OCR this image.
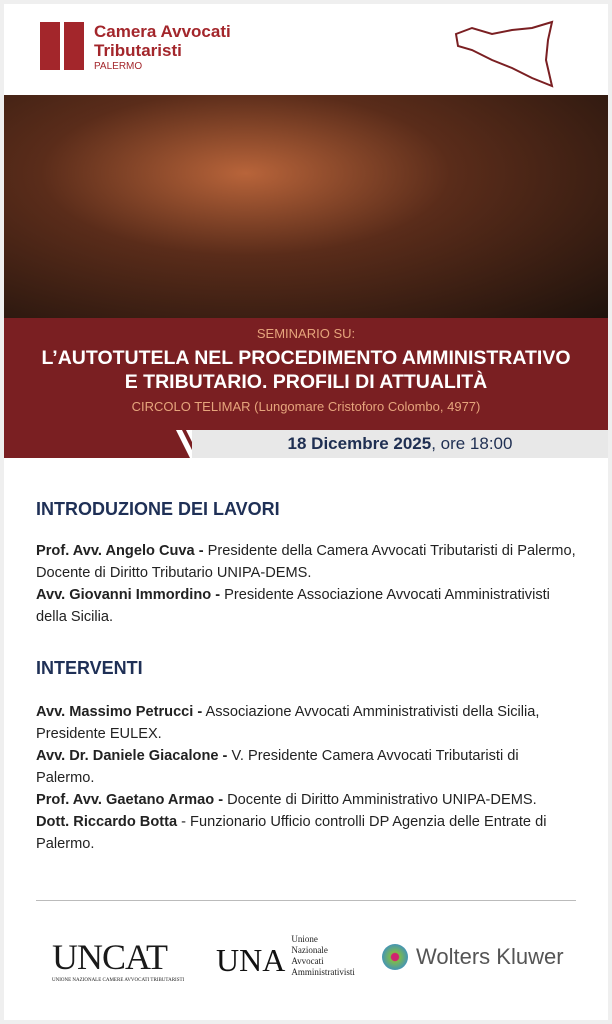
Camera Avvocati
Tributaristi
PALERMO
SEMINARIO SU:
L’AUTOTUTELA NEL PROCEDIMENTO AMMINISTRATIVO
E TRIBUTARIO. PROFILI DI ATTUALITÀ
CIRCOLO TELIMAR (Lungomare Cristoforo Colombo, 4977)
18 Dicembre 2025, ore 18:00
INTRODUZIONE DEI LAVORI
Prof. Avv. Angelo Cuva - Presidente della Camera Avvocati Tributaristi di Palermo, Docente di Diritto Tributario UNIPA-DEMS.
Avv. Giovanni Immordino - Presidente Associazione Avvocati Amministrativisti della Sicilia.
INTERVENTI
Avv. Massimo Petrucci - Associazione Avvocati Amministrativisti della Sicilia, Presidente EULEX.
Avv. Dr. Daniele Giacalone - V. Presidente Camera Avvocati Tributaristi di Palermo.
Prof. Avv. Gaetano Armao - Docente di Diritto Amministrativo UNIPA-DEMS.
Dott. Riccardo Botta - Funzionario Ufficio controlli DP Agenzia delle Entrate di Palermo.
UNCAT
UNIONE NAZIONALE CAMERE AVVOCATI TRIBUTARISTI
UNA
Unione
Nazionale
Avvocati
Amministrativisti
Wolters Kluwer
